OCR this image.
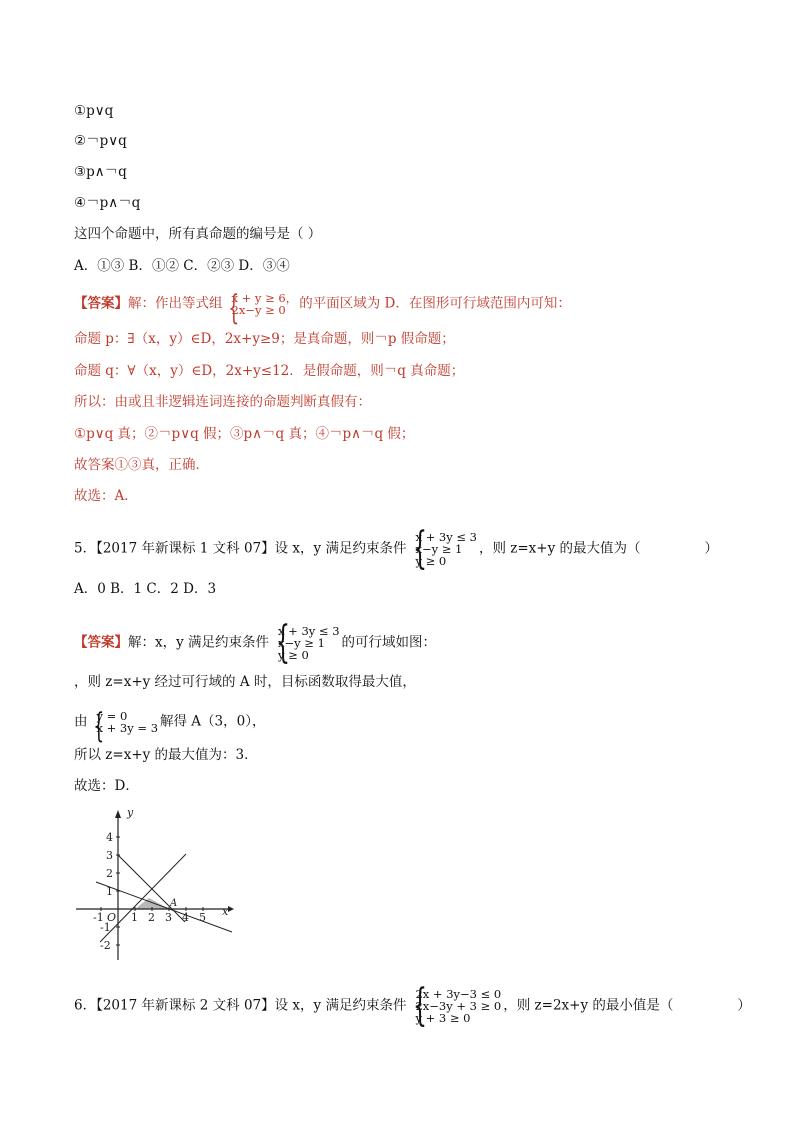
①p∨q
②￢p∨q
③p∧￢q
④￢p∧￢q
这四个命题中，所有真命题的编号是（ ）
A．①③ B．①② C．②③ D．③④
【答案】解：作出等式组 { x + y ≥ 6，
2x−y ≥ 0	的平面区域为 D．在图形可行域范围内可知：
命题 p：∃（x，y）∈D，2x+y≥9；是真命题，则￢p 假命题；
命题 q：∀（x，y）∈D，2x+y≤12．是假命题，则￢q 真命题；
所以：由或且非逻辑连词连接的命题判断真假有：
①p∨q 真；②￢p∨q 假；③p∧￢q 真；④￢p∧￢q 假；
故答案①③真，正确．
故选：A．
5．【2017 年新课标 1 文科 07】设 x，y 满足约束条件
{ x + 3y ≤ 3
x−y ≥ 1
y ≥ 0
，则 z=x+y 的最大值为（	）
A．0 B．1 C．2 D．3
【答案】解：x，y 满足约束条件
{ x + 3y ≤ 3
x−y ≥ 1
y ≥ 0
的可行域如图：
，则 z=x+y 经过可行域的 A 时，目标函数取得最大值，
由 { y = 0
x + 3y = 3 解得 A（3，0），
所以 z=x+y 的最大值为：3．
故选：D．
y
x
O
A
-1 1 2 3 4 5
4
3
2
1
-1
-2
6．【2017 年新课标 2 文科 07】设 x，y 满足约束条件
{ 2x + 3y−3 ≤ 0
2x−3y + 3 ≥ 0
y + 3 ≥ 0
，则 z=2x+y 的最小值是（	）
